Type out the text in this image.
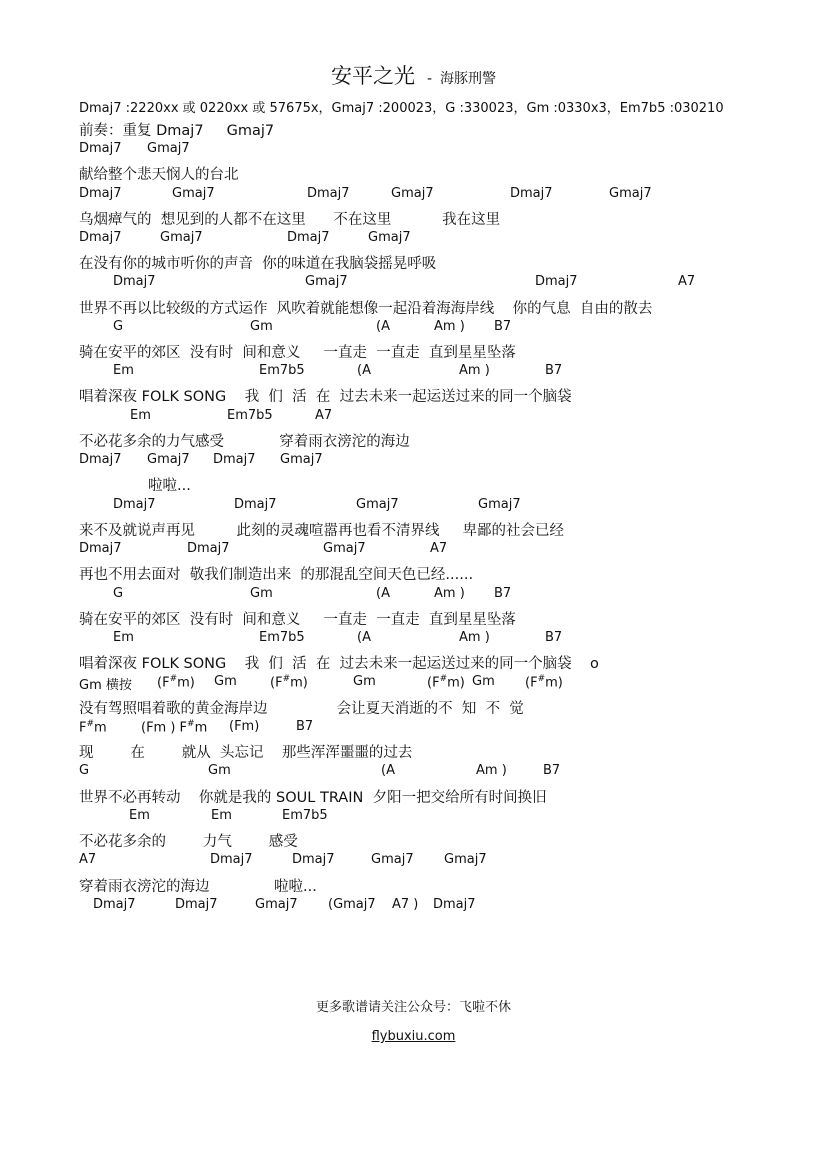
安平之光 - 海豚刑警
Dmaj7 :2220xx 或 0220xx 或 57675x，Gmaj7 :200023，G :330023，Gm :0330x3，Em7b5 :030210
前奏：重复 Dmaj7     Gmaj7
Dmaj7 Gmaj7
献给整个悲天悯人的台北
Dmaj7	Gmaj7	Dmaj7	Gmaj7	Dmaj7	Gmaj7
乌烟瘴气的  想见到的人都不在这里      不在这里           我在这里
Dmaj7	Gmaj7	Dmaj7	Gmaj7
在没有你的城市听你的声音  你的味道在我脑袋摇晃呼吸
Dmaj7	Gmaj7	Dmaj7	A7
世界不再以比较级的方式运作  风吹着就能想像一起沿着海海岸线    你的气息  自由的散去
G	Gm	(A	Am ) B7
骑在安平的郊区  没有时  间和意义     一直走  一直走  直到星星坠落
Em	Em7b5	(A	Am )	B7
唱着深夜 FOLK SONG    我  们  活  在  过去未来一起运送过来的同一个脑袋
Em	Em7b5	A7
不必花多余的力气感受            穿着雨衣滂沱的海边
Dmaj7 Gmaj7 Dmaj7 Gmaj7
啦啦...
Dmaj7	Dmaj7	Gmaj7	Gmaj7
来不及就说声再见         此刻的灵魂喧嚣再也看不清界线     卑鄙的社会已经
Dmaj7	Dmaj7	Gmaj7	A7
再也不用去面对  敬我们制造出来  的那混乱空间天色已经......
G	Gm	(A	Am ) B7
骑在安平的郊区  没有时  间和意义     一直走  一直走  直到星星坠落
Em	Em7b5	(A	Am )	B7
唱着深夜 FOLK SONG    我  们  活  在  过去未来一起运送过来的同一个脑袋    o
Gm 横按 (F#m) Gm	(F#m)	Gm	(F#m) Gm (F#m)
没有驾照唱着歌的黄金海岸边               会让夏天消逝的不  知  不  觉
F#m	(Fm ) F#m (Fm)	B7
现        在        就从  头忘记    那些浑浑噩噩的过去
G	Gm	(A	Am )	B7
世界不必再转动    你就是我的 SOUL TRAIN  夕阳一把交给所有时间换旧
Em	Em	Em7b5
不必花多余的        力气        感受
A7	Dmaj7	Dmaj7	Gmaj7 Gmaj7
穿着雨衣滂沱的海边              啦啦...
Dmaj7	Dmaj7	Gmaj7 (Gmaj7 A7 ) Dmaj7
更多歌谱请关注公众号：飞啦不休
flybuxiu.com
